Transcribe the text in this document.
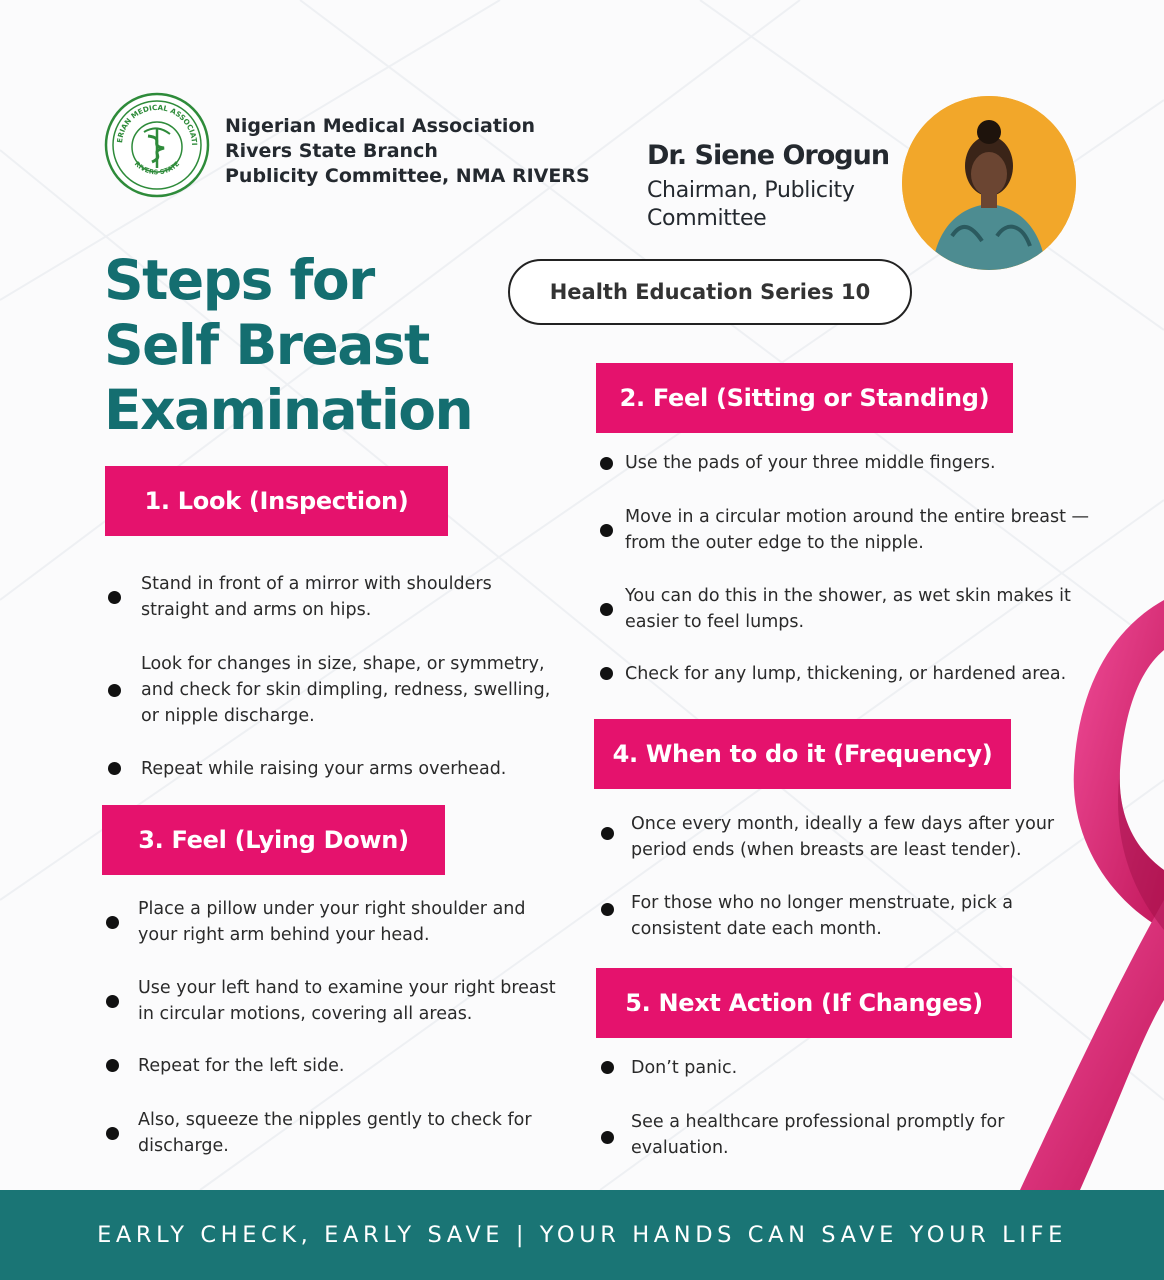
ERIAN MEDICAL ASSOCIATI
RIVERS STATE
Nigerian Medical Association
Rivers State Branch
Publicity Committee, NMA RIVERS
Dr. Siene Orogun
Chairman, Publicity Committee
Health Education Series 10
Steps for
Self Breast
Examination
1. Look (Inspection)
Stand in front of a mirror with shoulders straight and arms on hips.
Look for changes in size, shape, or symmetry, and check for skin dimpling, redness, swelling, or nipple discharge.
Repeat while raising your arms overhead.
3. Feel (Lying Down)
Place a pillow under your right shoulder and your right arm behind your head.
Use your left hand to examine your right breast in circular motions, covering all areas.
Repeat for the left side.
Also, squeeze the nipples gently to check for discharge.
2. Feel (Sitting or Standing)
Use the pads of your three middle fingers.
Move in a circular motion around the entire breast — from the outer edge to the nipple.
You can do this in the shower, as wet skin makes it easier to feel lumps.
Check for any lump, thickening, or hardened area.
4. When to do it (Frequency)
Once every month, ideally a few days after your period ends (when breasts are least tender).
For those who no longer menstruate, pick a consistent date each month.
5. Next Action (If Changes)
Don’t panic.
See a healthcare professional promptly for evaluation.
EARLY CHECK, EARLY SAVE | YOUR HANDS CAN SAVE YOUR LIFE
